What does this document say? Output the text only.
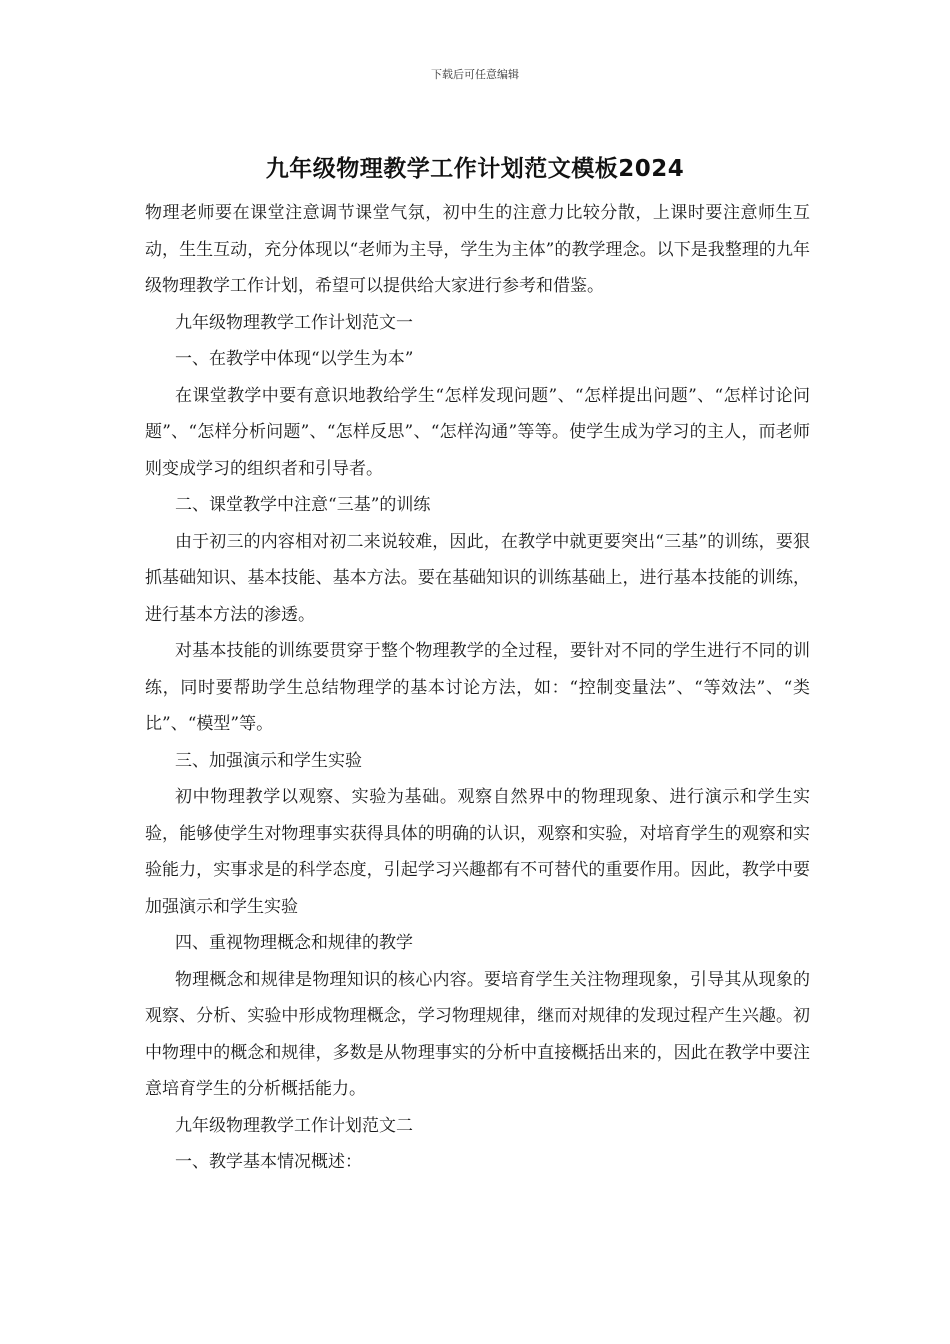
下载后可任意编辑
九年级物理教学工作计划范文模板2024

物理老师要在课堂注意调节课堂气氛，初中生的注意力比较分散，上课时要注意师生互动，生生互动，充分体现以“老师为主导，学生为主体”的教学理念。以下是我整理的九年级物理教学工作计划，希望可以提供给大家进行参考和借鉴。

九年级物理教学工作计划范文一

一、在教学中体现“以学生为本”

在课堂教学中要有意识地教给学生“怎样发现问题”、“怎样提出问题”、“怎样讨论问题”、“怎样分析问题”、“怎样反思”、“怎样沟通”等等。使学生成为学习的主人，而老师则变成学习的组织者和引导者。

二、课堂教学中注意“三基”的训练

由于初三的内容相对初二来说较难，因此，在教学中就更要突出“三基”的训练，要狠抓基础知识、基本技能、基本方法。要在基础知识的训练基础上，进行基本技能的训练，进行基本方法的渗透。

对基本技能的训练要贯穿于整个物理教学的全过程，要针对不同的学生进行不同的训练，同时要帮助学生总结物理学的基本讨论方法，如：“控制变量法”、“等效法”、“类比”、“模型”等。

三、加强演示和学生实验

初中物理教学以观察、实验为基础。观察自然界中的物理现象、进行演示和学生实验，能够使学生对物理事实获得具体的明确的认识，观察和实验，对培育学生的观察和实验能力，实事求是的科学态度，引起学习兴趣都有不可替代的重要作用。因此，教学中要加强演示和学生实验

四、重视物理概念和规律的教学

物理概念和规律是物理知识的核心内容。要培育学生关注物理现象，引导其从现象的观察、分析、实验中形成物理概念，学习物理规律，继而对规律的发现过程产生兴趣。初中物理中的概念和规律，多数是从物理事实的分析中直接概括出来的，因此在教学中要注意培育学生的分析概括能力。

九年级物理教学工作计划范文二

一、教学基本情况概述：
